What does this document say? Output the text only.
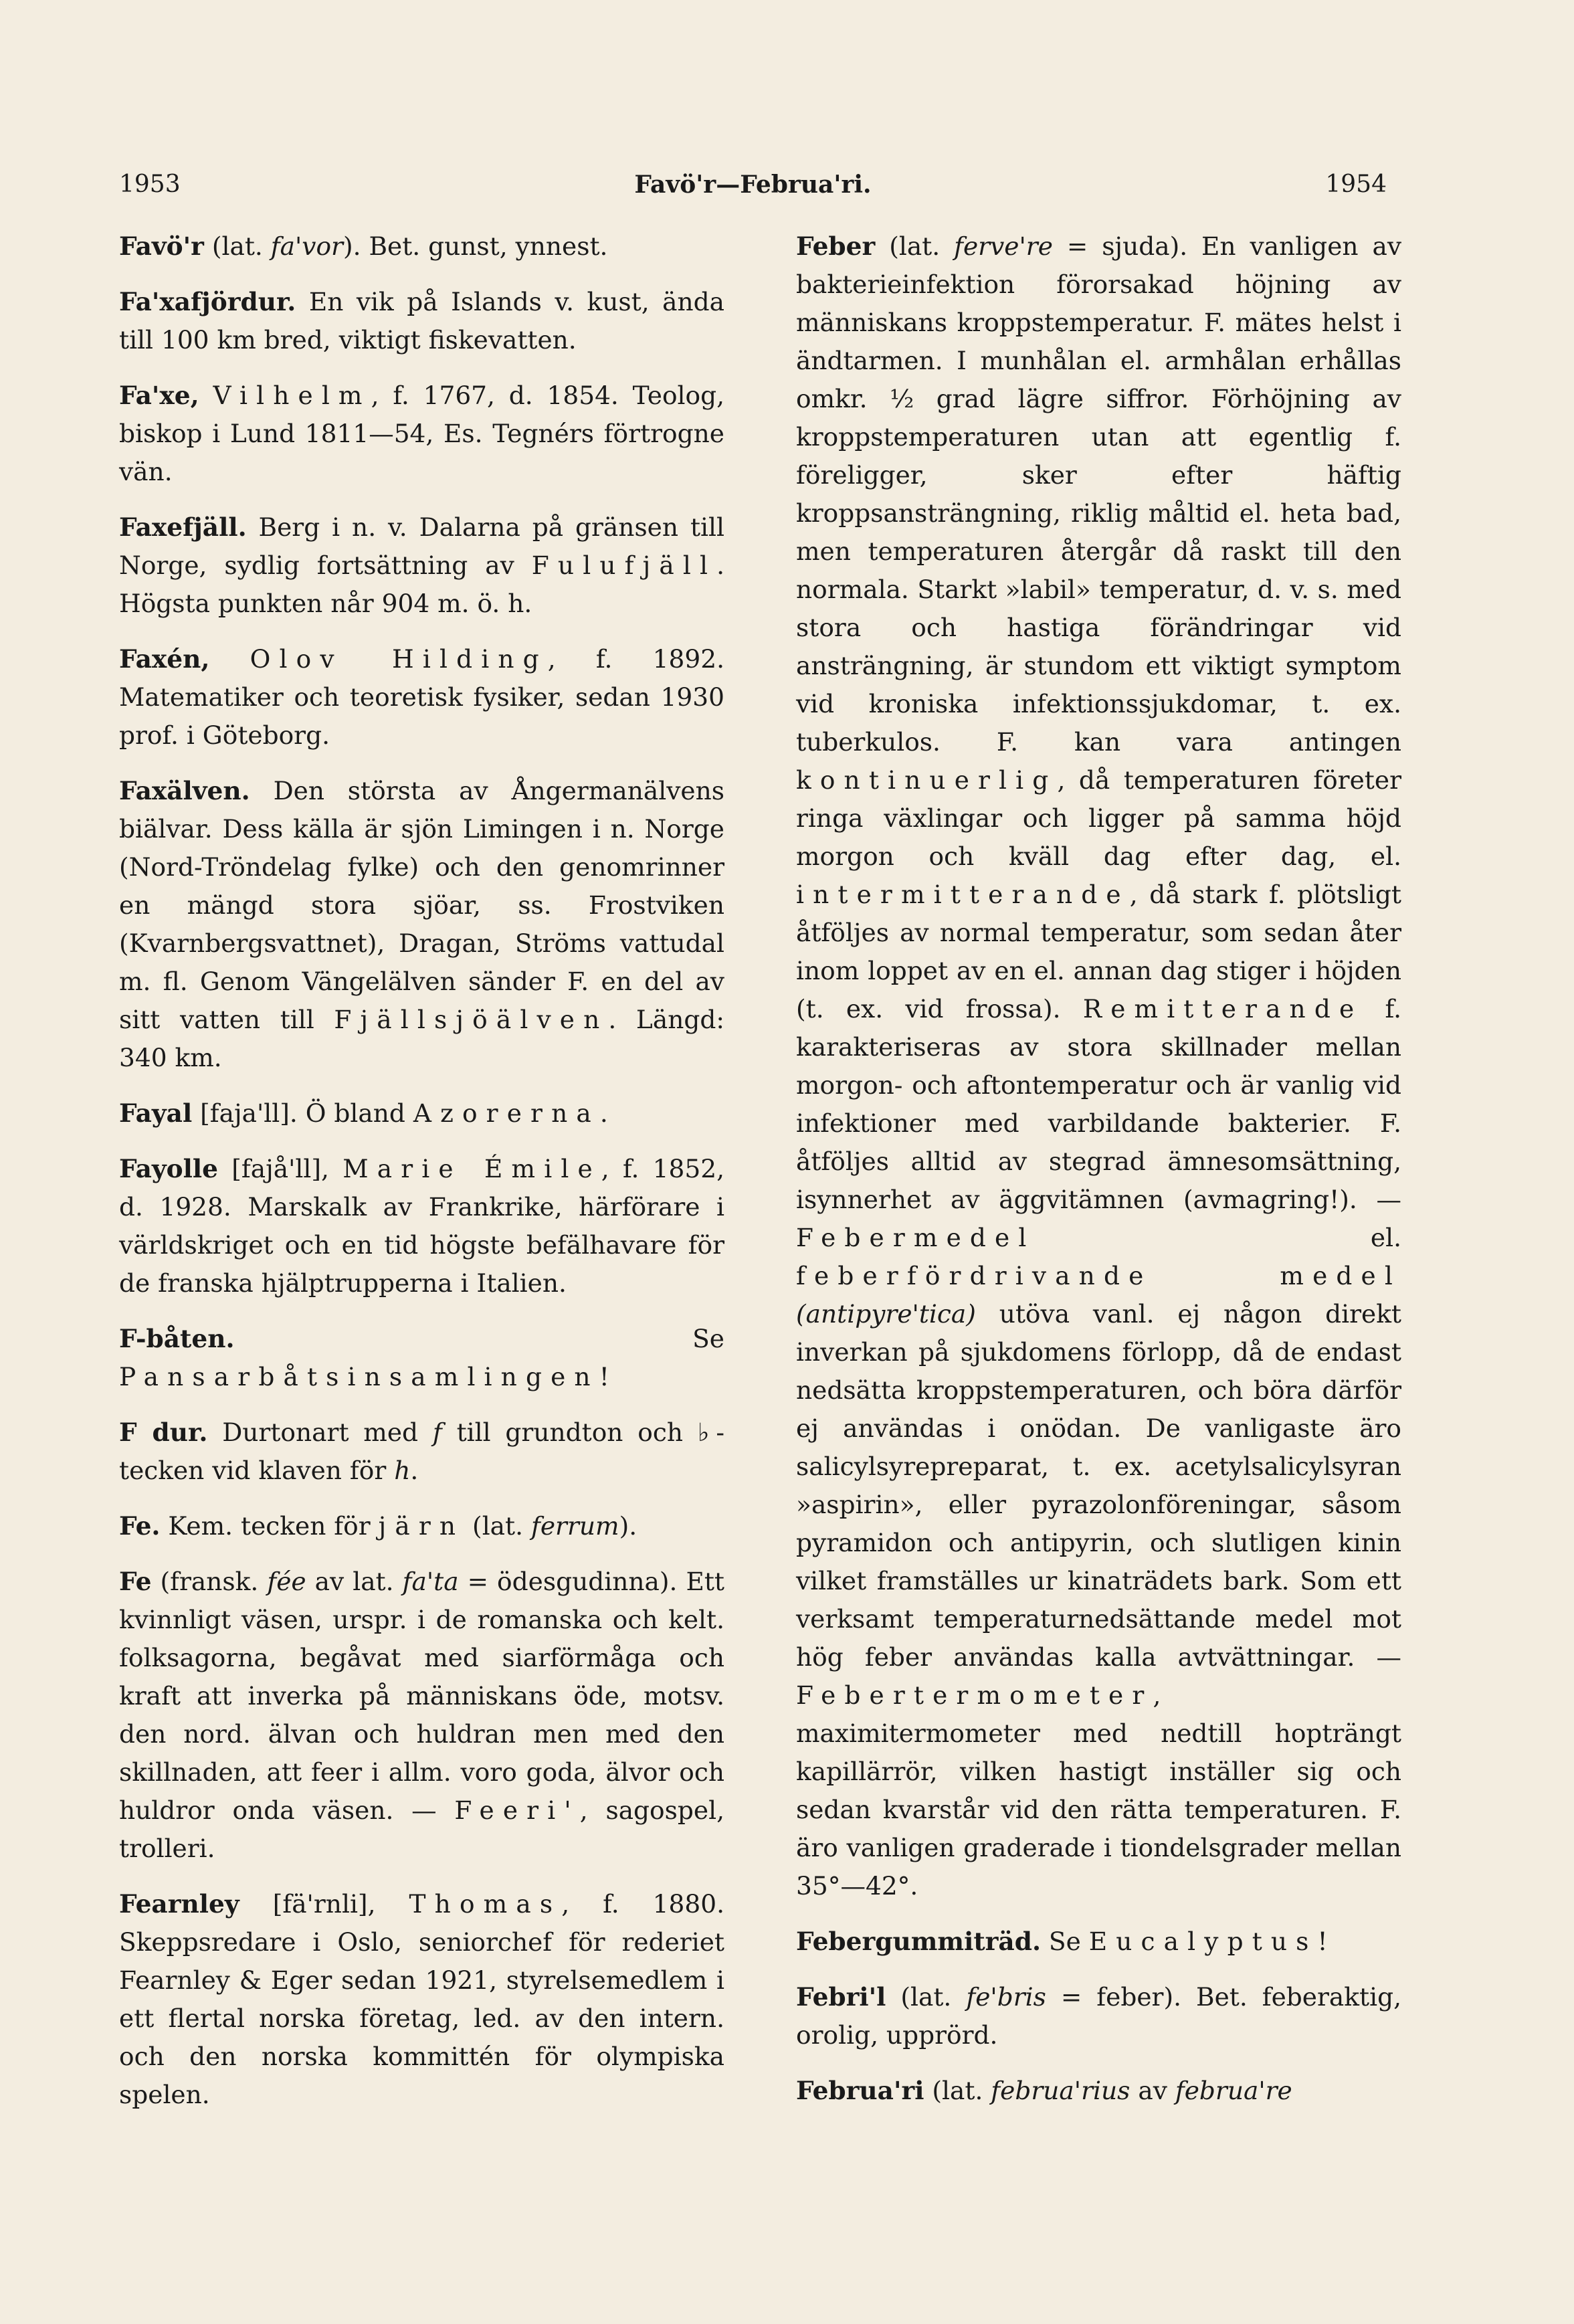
1953	Favö'r—Februa'ri.	1954

Favö'r (lat. fa'vor). Bet. gunst, ynnest.

Fa'xafjördur. En vik på Islands v. kust, ända till 100 km bred, viktigt fiskevatten.

Fa'xe, Vilhelm, f. 1767, d. 1854. Teolog, biskop i Lund 1811—54, Es. Tegnérs förtrogne vän.

Faxefjäll. Berg i n. v. Dalarna på gränsen till Norge, sydlig fortsättning av Fulufjäll. Högsta punkten når 904 m. ö. h.

Faxén, Olov Hilding, f. 1892. Matematiker och teoretisk fysiker, sedan 1930 prof. i Göteborg.

Faxälven. Den största av Ångermanälvens biälvar. Dess källa är sjön Limingen i n. Norge (Nord-Tröndelag fylke) och den genomrinner en mängd stora sjöar, ss. Frostviken (Kvarnbergsvattnet), Dragan, Ströms vattudal m. fl. Genom Vängelälven sänder F. en del av sitt vatten till Fjällsjöälven. Längd: 340 km.

Fayal [faja'll]. Ö bland Azorerna.

Fayolle [fajå'll], Marie Émile, f. 1852, d. 1928. Marskalk av Frankrike, härförare i världskriget och en tid högste befälhavare för de franska hjälptrupperna i Italien.

F-båten. Se Pansarbåtsinsamlingen!

F dur. Durtonart med f till grundton och ♭-tecken vid klaven för h.

Fe. Kem. tecken för järn (lat. ferrum).

Fe (fransk. fée av lat. fa'ta = ödesgudinna). Ett kvinnligt väsen, urspr. i de romanska och kelt. folksagorna, begåvat med siarförmåga och kraft att inverka på människans öde, motsv. den nord. älvan och huldran men med den skillnaden, att feer i allm. voro goda, älvor och huldror onda väsen. — Feeri', sagospel, trolleri.

Fearnley [fä'rnli], Thomas, f. 1880. Skeppsredare i Oslo, seniorchef för rederiet Fearnley & Eger sedan 1921, styrelsemedlem i ett flertal norska företag, led. av den intern. och den norska kommittén för olympiska spelen.

Feber (lat. ferve're = sjuda). En vanligen av bakterieinfektion förorsakad höjning av människans kroppstemperatur. F. mätes helst i ändtarmen. I munhålan el. armhålan erhållas omkr. ½ grad lägre siffror. Förhöjning av kroppstemperaturen utan att egentlig f. föreligger, sker efter häftig kroppsansträngning, riklig måltid el. heta bad, men temperaturen återgår då raskt till den normala. Starkt »labil» temperatur, d. v. s. med stora och hastiga förändringar vid ansträngning, är stundom ett viktigt symptom vid kroniska infektionssjukdomar, t. ex. tuberkulos. F. kan vara antingen kontinuerlig, då temperaturen företer ringa växlingar och ligger på samma höjd morgon och kväll dag efter dag, el. intermitterande, då stark f. plötsligt åtföljes av normal temperatur, som sedan åter inom loppet av en el. annan dag stiger i höjden (t. ex. vid frossa). Remitterande f. karakteriseras av stora skillnader mellan morgon- och aftontemperatur och är vanlig vid infektioner med varbildande bakterier. F. åtföljes alltid av stegrad ämnesomsättning, isynnerhet av äggvitämnen (avmagring!). — Febermedel el. feberfördrivande medel (antipyre'tica) utöva vanl. ej någon direkt inverkan på sjukdomens förlopp, då de endast nedsätta kroppstemperaturen, och böra därför ej användas i onödan. De vanligaste äro salicylsyrepreparat, t. ex. acetylsalicylsyran »aspirin», eller pyrazolonföreningar, såsom pyramidon och antipyrin, och slutligen kinin vilket framställes ur kinaträdets bark. Som ett verksamt temperaturnedsättande medel mot hög feber användas kalla avtvättningar. — Febertermometer, maximitermometer med nedtill hopträngt kapillärrör, vilken hastigt inställer sig och sedan kvarstår vid den rätta temperaturen. F. äro vanligen graderade i tiondelsgrader mellan 35°—42°.

Febergummiträd. Se Eucalyptus!

Febri'l (lat. fe'bris = feber). Bet. feberaktig, orolig, upprörd.

Februa'ri (lat. februa'rius av februa're
